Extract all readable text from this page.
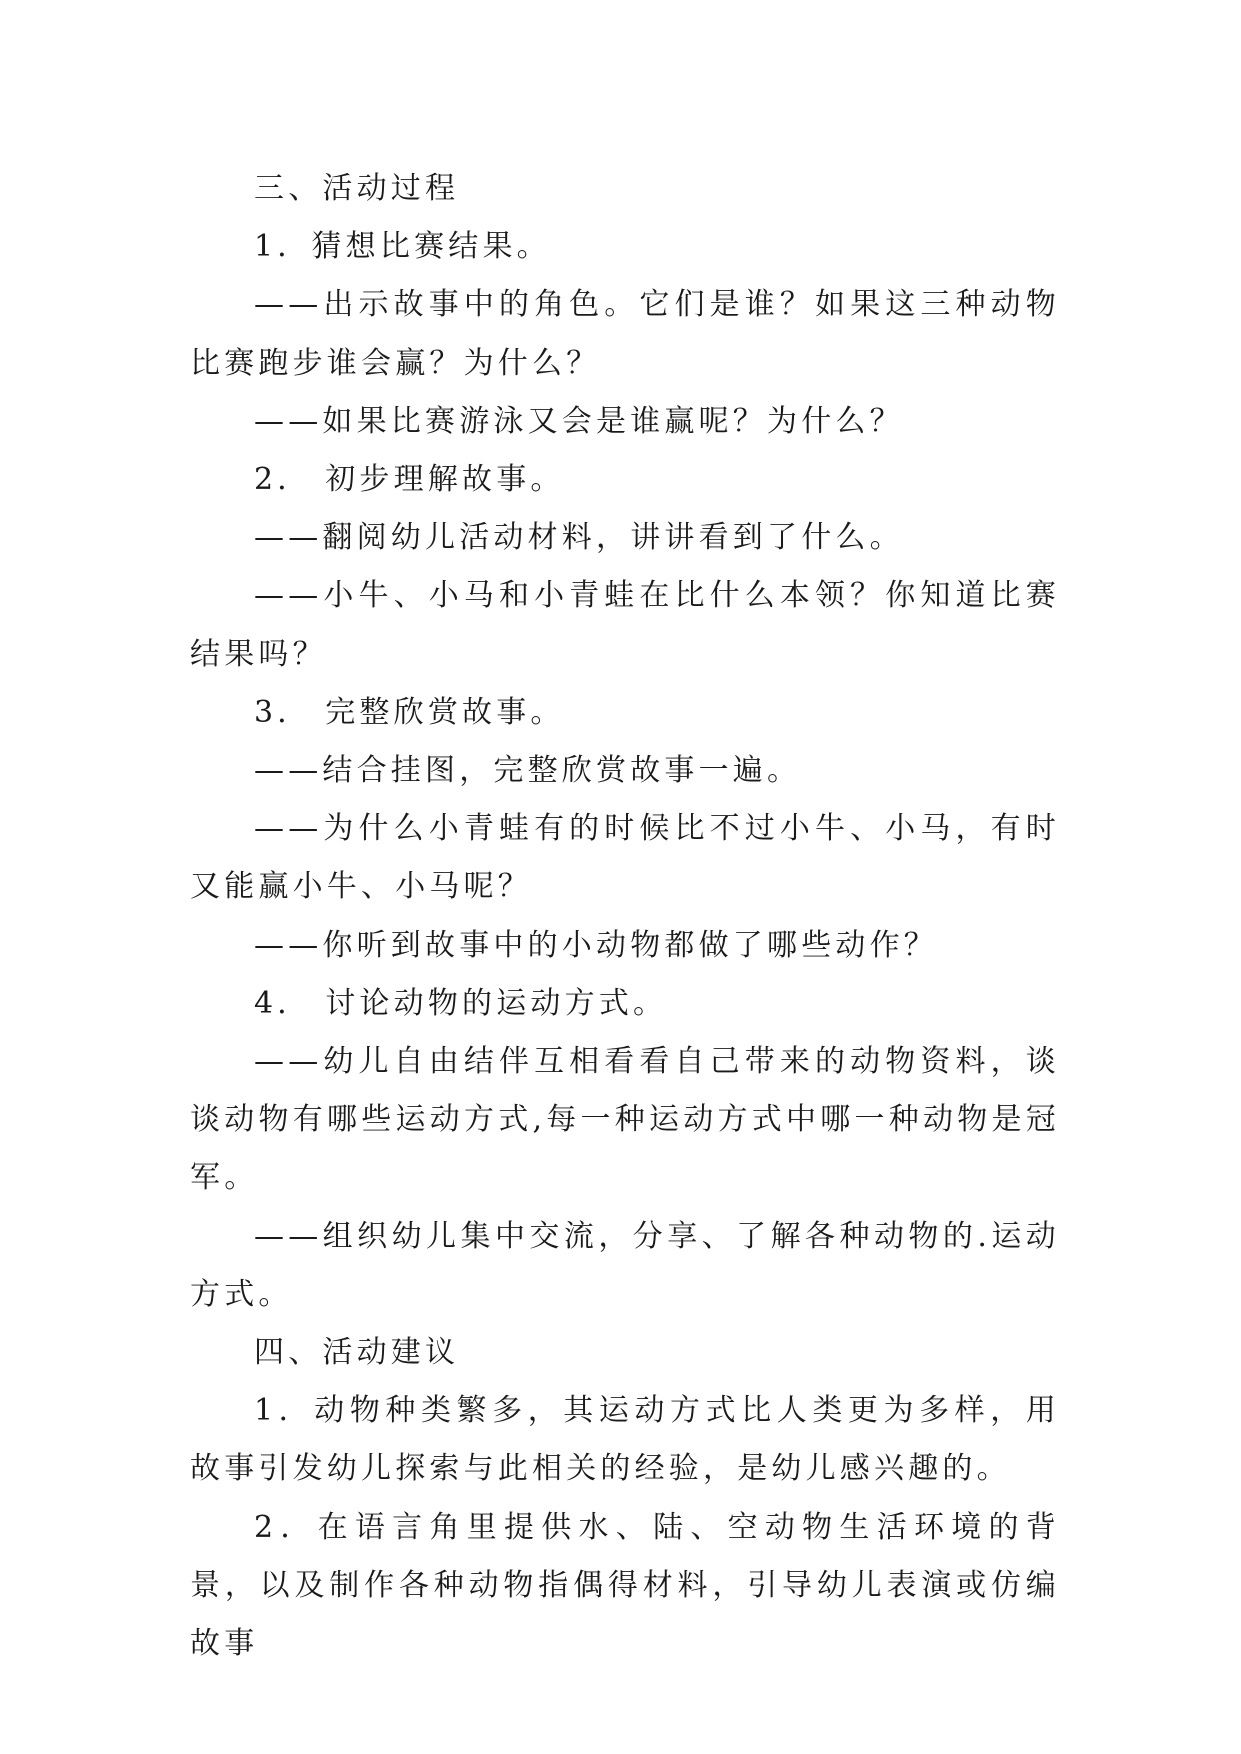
三、活动过程

1．猜想比赛结果。

——出示故事中的角色。它们是谁？如果这三种动物比赛跑步谁会赢？为什么？

——如果比赛游泳又会是谁赢呢？为什么？

2． 初步理解故事。

——翻阅幼儿活动材料，讲讲看到了什么。

——小牛、小马和小青蛙在比什么本领？你知道比赛结果吗？

3． 完整欣赏故事。

——结合挂图，完整欣赏故事一遍。

——为什么小青蛙有的时候比不过小牛、小马，有时又能赢小牛、小马呢？

——你听到故事中的小动物都做了哪些动作？

4． 讨论动物的运动方式。

——幼儿自由结伴互相看看自己带来的动物资料，谈谈动物有哪些运动方式,每一种运动方式中哪一种动物是冠军。

——组织幼儿集中交流，分享、了解各种动物的.运动方式。

四、活动建议

1．动物种类繁多，其运动方式比人类更为多样，用故事引发幼儿探索与此相关的经验，是幼儿感兴趣的。

2．在语言角里提供水、陆、空动物生活环境的背景，以及制作各种动物指偶得材料，引导幼儿表演或仿编故事
